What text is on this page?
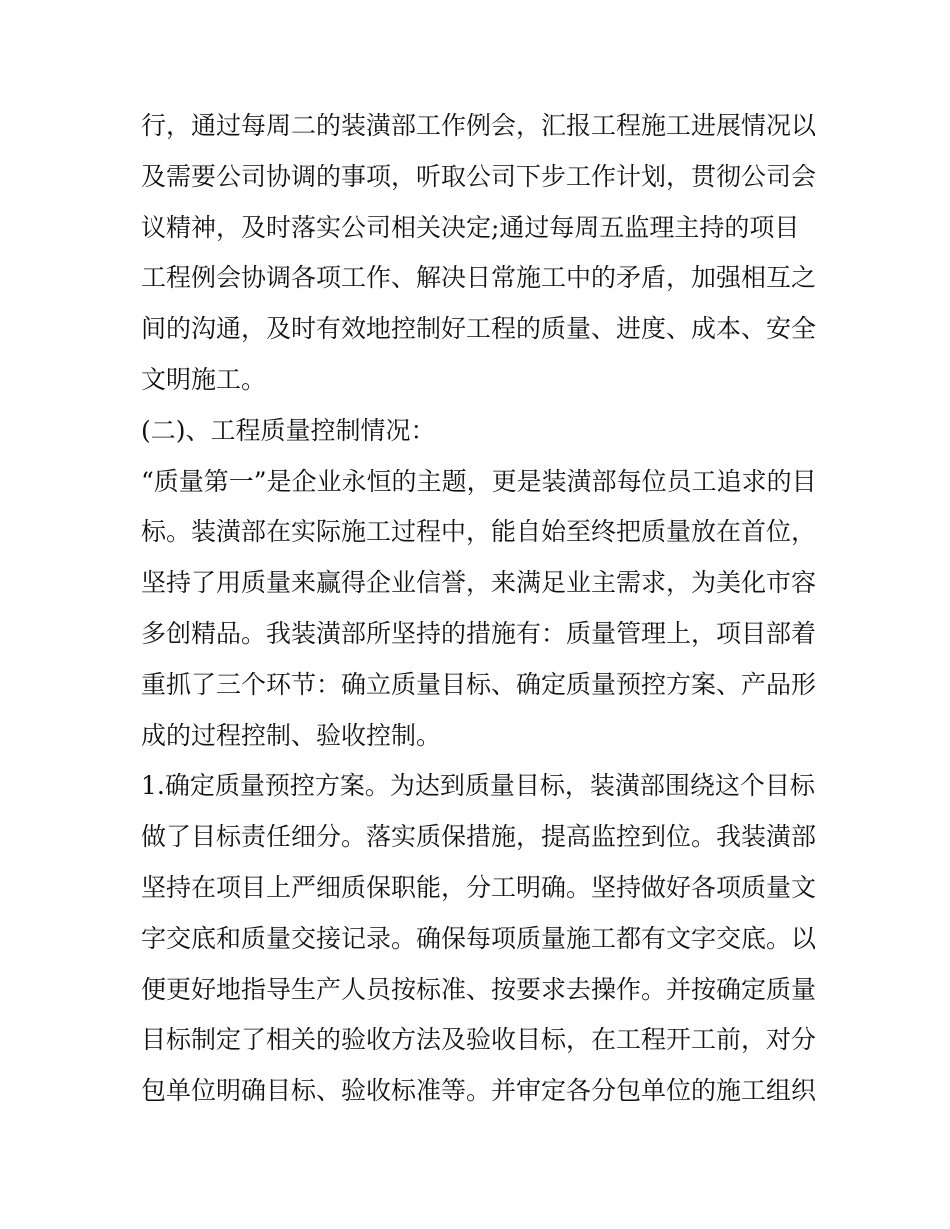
行，通过每周二的装潢部工作例会，汇报工程施工进展情况以
及需要公司协调的事项，听取公司下步工作计划，贯彻公司会
议精神，及时落实公司相关决定;通过每周五监理主持的项目
工程例会协调各项工作、解决日常施工中的矛盾，加强相互之
间的沟通，及时有效地控制好工程的质量、进度、成本、安全
文明施工。
(二)、工程质量控制情况：
“质量第一”是企业永恒的主题，更是装潢部每位员工追求的目
标。装潢部在实际施工过程中，能自始至终把质量放在首位，
坚持了用质量来赢得企业信誉，来满足业主需求，为美化市容
多创精品。我装潢部所坚持的措施有：质量管理上，项目部着
重抓了三个环节：确立质量目标、确定质量预控方案、产品形
成的过程控制、验收控制。
1.确定质量预控方案。为达到质量目标，装潢部围绕这个目标
做了目标责任细分。落实质保措施，提高监控到位。我装潢部
坚持在项目上严细质保职能，分工明确。坚持做好各项质量文
字交底和质量交接记录。确保每项质量施工都有文字交底。以
便更好地指导生产人员按标准、按要求去操作。并按确定质量
目标制定了相关的验收方法及验收目标，在工程开工前，对分
包单位明确目标、验收标准等。并审定各分包单位的施工组织
